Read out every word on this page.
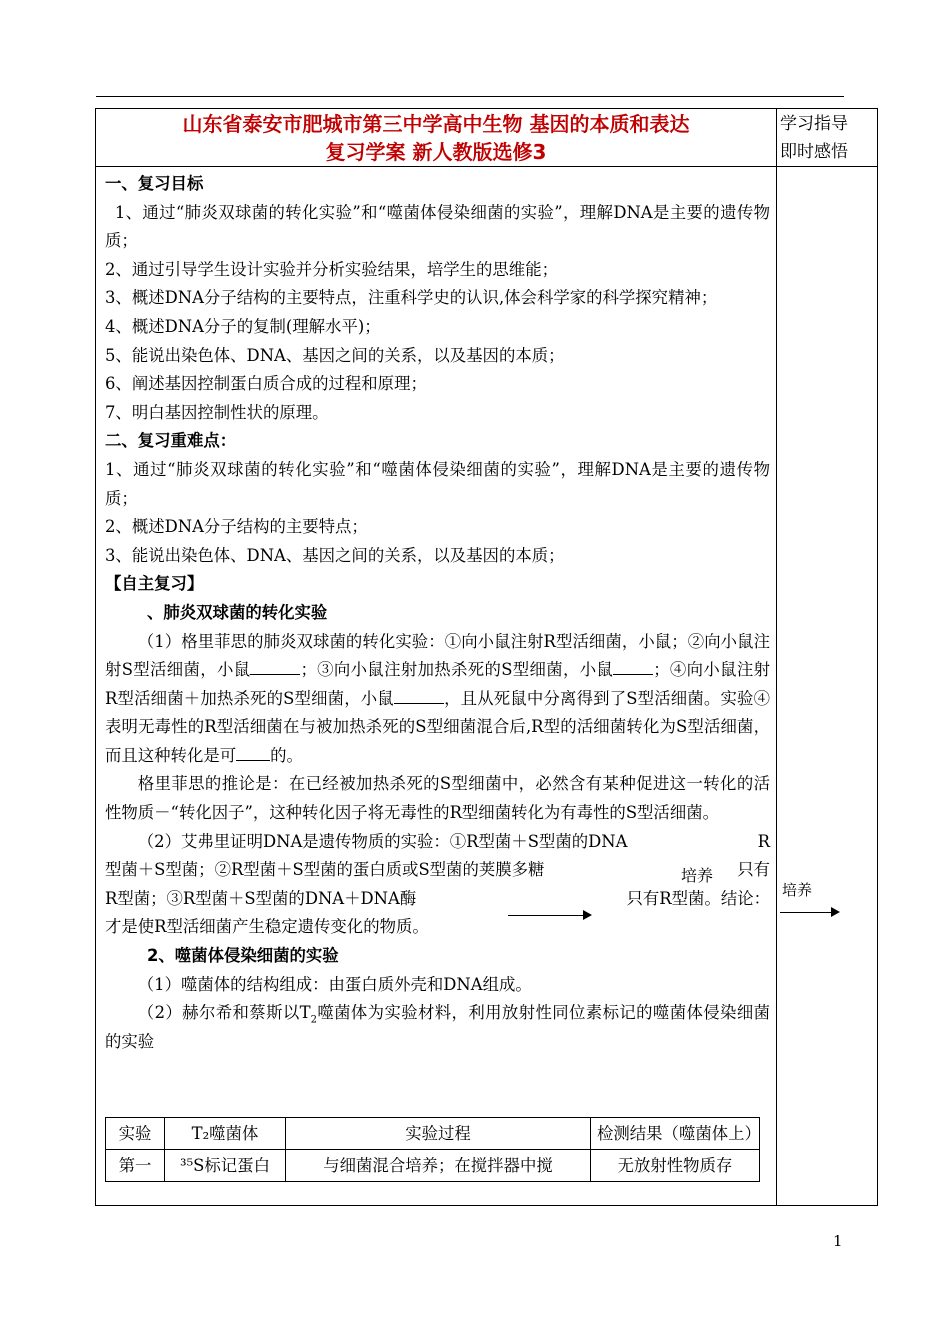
山东省泰安市肥城市第三中学高中生物 基因的本质和表达
复习学案 新人教版选修3
学习指导
即时感悟

一、复习目标

1、通过“肺炎双球菌的转化实验”和“噬菌体侵染细菌的实验”，理解DNA是主要的遗传物质；

2、通过引导学生设计实验并分析实验结果，培学生的思维能；

3、概述DNA分子结构的主要特点，注重科学史的认识,体会科学家的科学探究精神；

4、概述DNA分子的复制(理解水平)；

5、能说出染色体、DNA、基因之间的关系，以及基因的本质；

6、阐述基因控制蛋白质合成的过程和原理；

7、明白基因控制性状的原理。

二、复习重难点：

1、通过“肺炎双球菌的转化实验”和“噬菌体侵染细菌的实验”，理解DNA是主要的遗传物质；

2、概述DNA分子结构的主要特点；

3、能说出染色体、DNA、基因之间的关系，以及基因的本质；

【自主复习】

、肺炎双球菌的转化实验

（1）格里菲思的肺炎双球菌的转化实验：①向小鼠注射R型活细菌，小鼠；②向小鼠注射S型活细菌，小鼠	；③向小鼠注射加热杀死的S型细菌，小鼠 ；④向小鼠注射R型活细菌＋加热杀死的S型细菌，小鼠	，且从死鼠中分离得到了S型活细菌。实验④表明无毒性的R型活细菌在与被加热杀死的S型细菌混合后,R型的活细菌转化为S型活细菌，而且这种转化是可 的。

格里菲思的推论是：在已经被加热杀死的S型细菌中，必然含有某种促进这一转化的活性物质－“转化因子”，这种转化因子将无毒性的R型细菌转化为有毒性的S型活细菌。

（2）艾弗里证明DNA是遗传物质的实验：①R型菌＋S型菌的DNA	R

型菌＋S型菌；②R型菌＋S型菌的蛋白质或S型菌的荚膜多糖	只有

R型菌；③R型菌＋S型菌的DNA＋DNA酶	只有R型菌。结论：

才是使R型活细菌产生稳定遗传变化的物质。

培养

2、噬菌体侵染细菌的实验

（1）噬菌体的结构组成：由蛋白质外壳和DNA组成。

（2）赫尔希和蔡斯以$T_2$噬菌体为实验材料，利用放射性同位素标记的噬菌体侵染细菌的实验

培养
实验	T₂噬菌体	实验过程	检测结果（噬菌体上）
第一	³⁵S标记蛋白	与细菌混合培养；在搅拌器中搅	无放射性物质存
1
